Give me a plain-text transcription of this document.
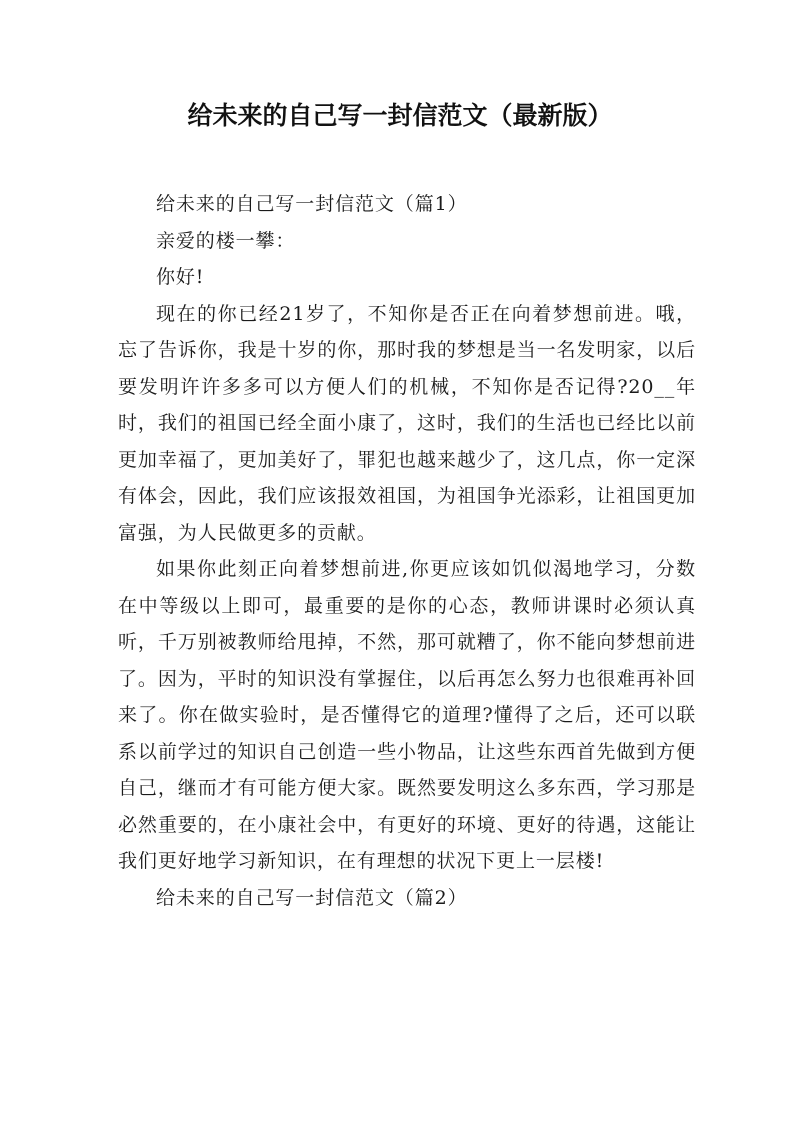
给未来的自己写一封信范文（最新版）

给未来的自己写一封信范文（篇1）

亲爱的楼一攀：

你好!

现在的你已经21岁了，不知你是否正在向着梦想前进。哦，忘了告诉你，我是十岁的你，那时我的梦想是当一名发明家，以后要发明许许多多可以方便人们的机械，不知你是否记得?20__年时，我们的祖国已经全面小康了，这时，我们的生活也已经比以前更加幸福了，更加美好了，罪犯也越来越少了，这几点，你一定深有体会，因此，我们应该报效祖国，为祖国争光添彩，让祖国更加富强，为人民做更多的贡献。

如果你此刻正向着梦想前进,你更应该如饥似渴地学习，分数在中等级以上即可，最重要的是你的心态，教师讲课时必须认真听，千万别被教师给甩掉，不然，那可就糟了，你不能向梦想前进了。因为，平时的知识没有掌握住，以后再怎么努力也很难再补回来了。你在做实验时，是否懂得它的道理?懂得了之后，还可以联系以前学过的知识自己创造一些小物品，让这些东西首先做到方便自己，继而才有可能方便大家。既然要发明这么多东西，学习那是必然重要的，在小康社会中，有更好的环境、更好的待遇，这能让我们更好地学习新知识，在有理想的状况下更上一层楼!

给未来的自己写一封信范文（篇2）
